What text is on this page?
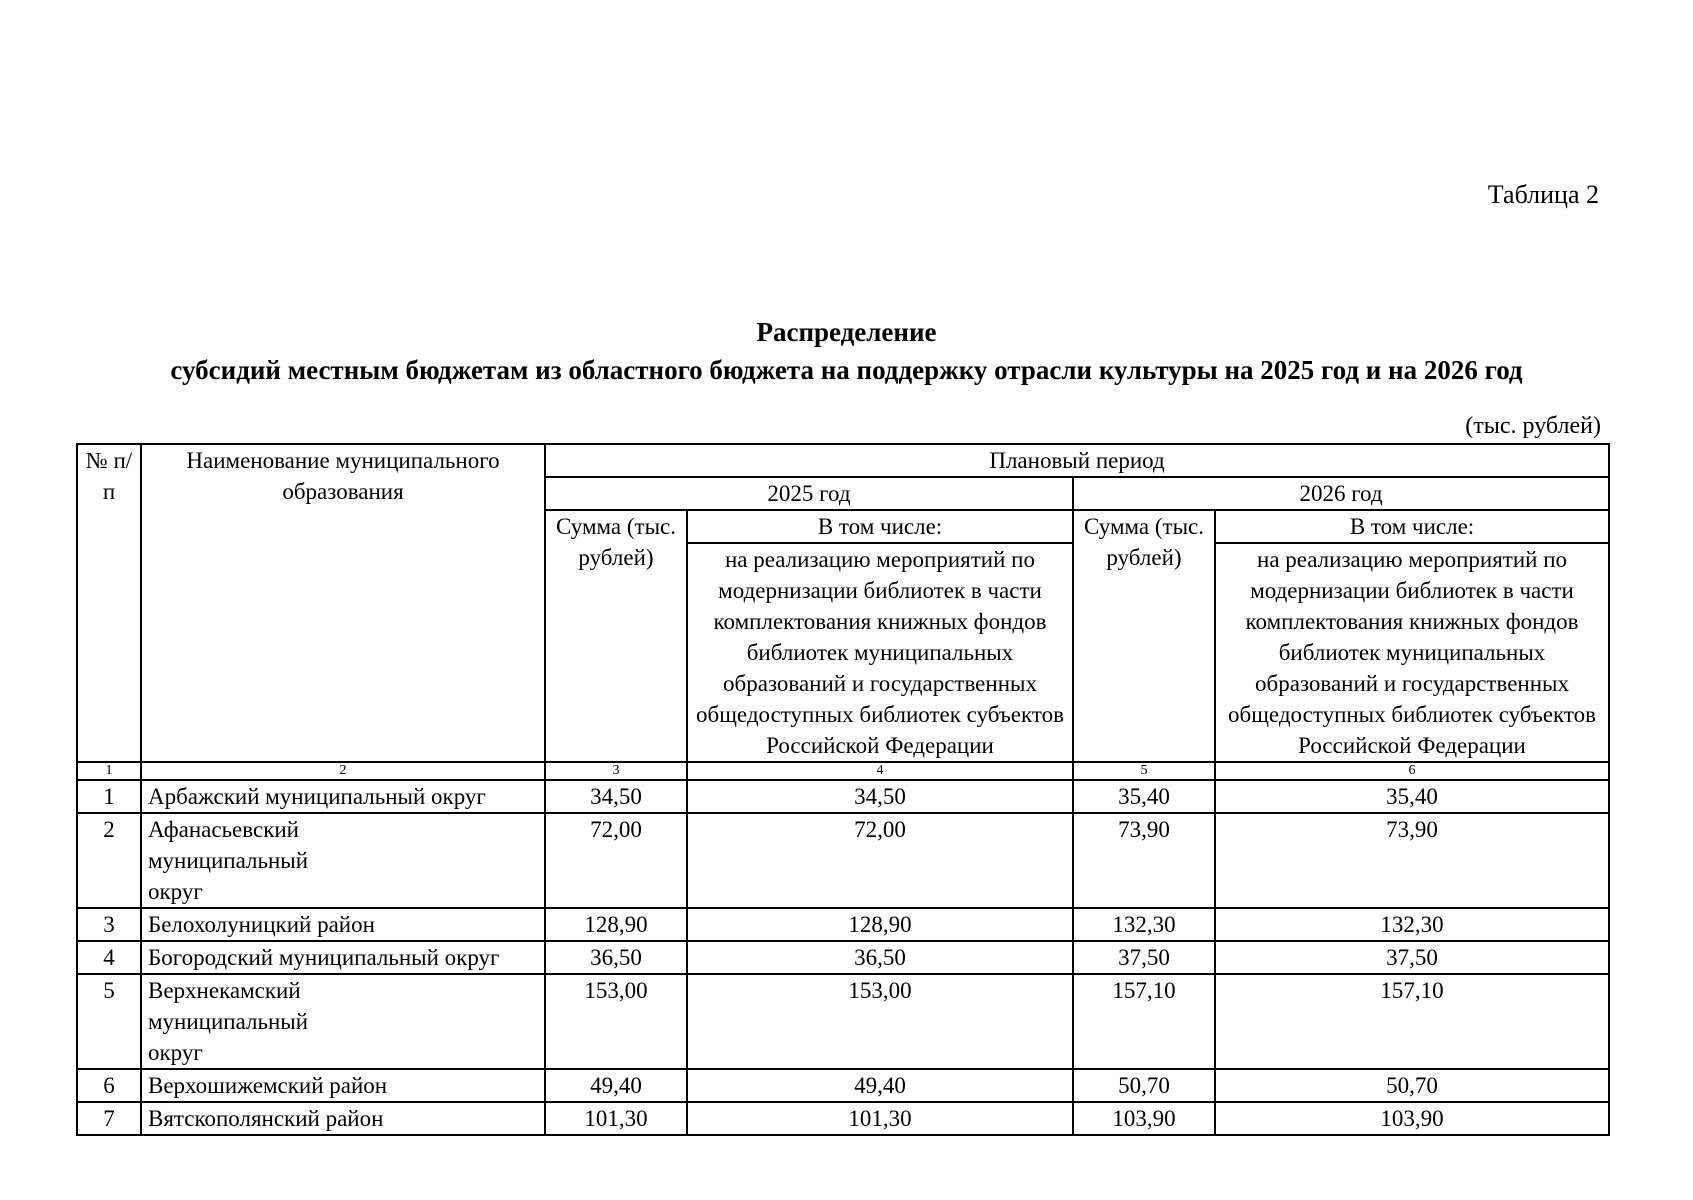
Таблица 2
Распределение
субсидий местным бюджетам из областного бюджета на поддержку отрасли культуры на 2025 год и на 2026 год
(тыс. рублей)
№ п/п	Наименование муниципального образования	Плановый период			
		2025 год		2026 год	
		Сумма (тыс. рублей)	В том числе:	Сумма (тыс. рублей)	В том числе:
			на реализацию мероприятий по модернизации библиотек в части комплектования книжных фондов библиотек муниципальных образований и государственных общедоступных библиотек субъектов Российской Федерации		на реализацию мероприятий по модернизации библиотек в части комплектования книжных фондов библиотек муниципальных образований и государственных общедоступных библиотек субъектов Российской Федерации
1	2	3	4	5	6
1	Арбажский муниципальный округ	34,50	34,50	35,40	35,40
2	Афанасьевский муниципальный округ	72,00	72,00	73,90	73,90
3	Белохолуницкий район	128,90	128,90	132,30	132,30
4	Богородский муниципальный округ	36,50	36,50	37,50	37,50
5	Верхнекамский муниципальный округ	153,00	153,00	157,10	157,10
6	Верхошижемский район	49,40	49,40	50,70	50,70
7	Вятскополянский район	101,30	101,30	103,90	103,90
